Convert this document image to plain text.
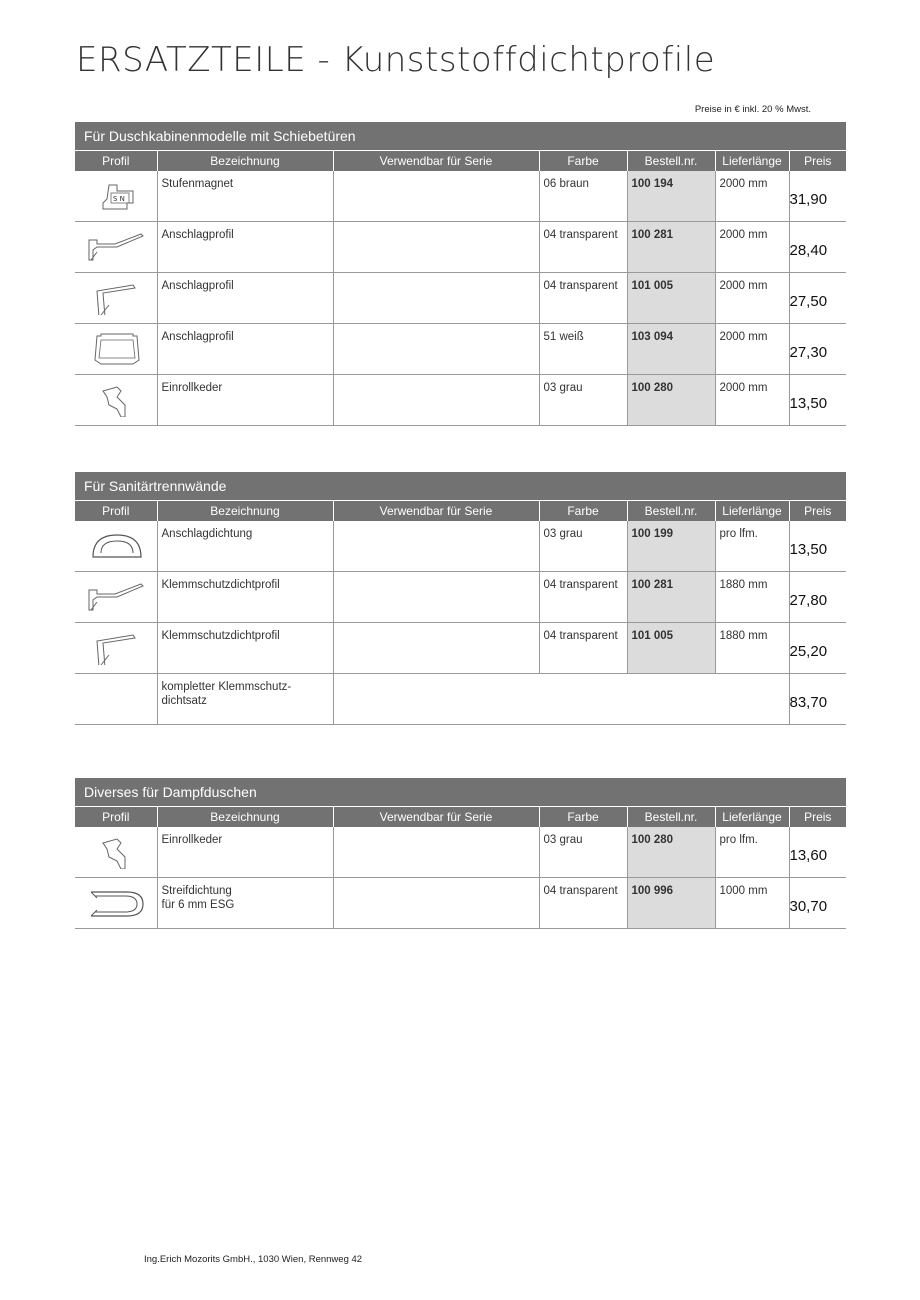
ERSATZTEILE - Kunststoffdichtprofile
Preise in € inkl. 20 % Mwst.
Für Duschkabinenmodelle mit Schiebetüren
Profil	Bezeichnung	Verwendbar für Serie	Farbe	Bestell.nr.	Lieferlänge	Preis

S N	Stufenmagnet		06 braun	100 194	2000 mm	31,90

Anschlagprofil		04 transparent	100 281	2000 mm	28,40

Anschlagprofil		04 transparent	101 005	2000 mm	27,50

Anschlagprofil		51 weiß	103 094	2000 mm	27,30

Einrollkeder		03 grau	100 280	2000 mm	13,50
Für Sanitärtrennwände
Profil	Bezeichnung	Verwendbar für Serie	Farbe	Bestell.nr.	Lieferlänge	Preis

Anschlagdichtung		03 grau	100 199	pro lfm.	13,50

Klemmschutzdichtprofil		04 transparent	100 281	1880 mm	27,80

Klemmschutzdichtprofil		04 transparent	101 005	1880 mm	25,20

	kompletter Klemmschutz-
dichtsatz					83,70
Diverses für Dampfduschen
Profil	Bezeichnung	Verwendbar für Serie	Farbe	Bestell.nr.	Lieferlänge	Preis

Einrollkeder		03 grau	100 280	pro lfm.	13,60

Streifdichtung
für 6 mm ESG		04 transparent	100 996	1000 mm	30,70
Ing.Erich Mozorits GmbH., 1030 Wien, Rennweg 42
